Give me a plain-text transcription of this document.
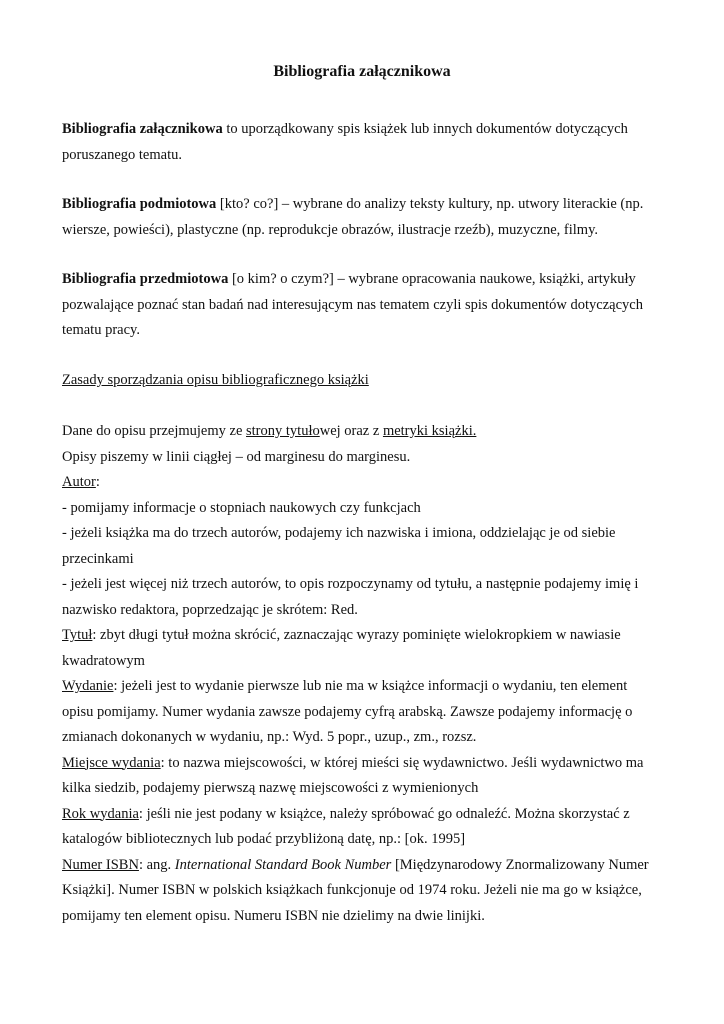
Bibliografia załącznikowa

Bibliografia załącznikowa to uporządkowany spis książek lub innych dokumentów dotyczących
poruszanego tematu.

Bibliografia podmiotowa [kto? co?] – wybrane do analizy teksty kultury, np. utwory literackie (np.
wiersze, powieści), plastyczne (np. reprodukcje obrazów, ilustracje rzeźb), muzyczne, filmy.

Bibliografia przedmiotowa [o kim? o czym?] – wybrane opracowania naukowe, książki, artykuły
pozwalające poznać stan badań nad interesującym nas tematem czyli spis dokumentów dotyczących
tematu pracy.

Zasady sporządzania opisu bibliograficznego książki

Dane do opisu przejmujemy ze strony tytułowej oraz z metryki książki.
Opisy piszemy w linii ciągłej – od marginesu do marginesu.
Autor:
- pomijamy informacje o stopniach naukowych czy funkcjach
- jeżeli książka ma do trzech autorów, podajemy ich nazwiska i imiona, oddzielając je od siebie
przecinkami
- jeżeli jest więcej niż trzech autorów, to opis rozpoczynamy od tytułu, a następnie podajemy imię i
nazwisko redaktora, poprzedzając je skrótem: Red.
Tytuł: zbyt długi tytuł można skrócić, zaznaczając wyrazy pominięte wielokropkiem w nawiasie
kwadratowym
Wydanie: jeżeli jest to wydanie pierwsze lub nie ma w książce informacji o wydaniu, ten element
opisu pomijamy. Numer wydania zawsze podajemy cyfrą arabską. Zawsze podajemy informację o
zmianach dokonanych w wydaniu, np.: Wyd. 5 popr., uzup., zm., rozsz.
Miejsce wydania: to nazwa miejscowości, w której mieści się wydawnictwo. Jeśli wydawnictwo ma
kilka siedzib, podajemy pierwszą nazwę miejscowości z wymienionych
Rok wydania: jeśli nie jest podany w książce, należy spróbować go odnaleźć. Można skorzystać z
katalogów bibliotecznych lub podać przybliżoną datę, np.: [ok. 1995]
Numer ISBN: ang. International Standard Book Number [Międzynarodowy Znormalizowany Numer
Książki]. Numer ISBN w polskich książkach funkcjonuje od 1974 roku. Jeżeli nie ma go w książce,
pomijamy ten element opisu. Numeru ISBN nie dzielimy na dwie linijki.
